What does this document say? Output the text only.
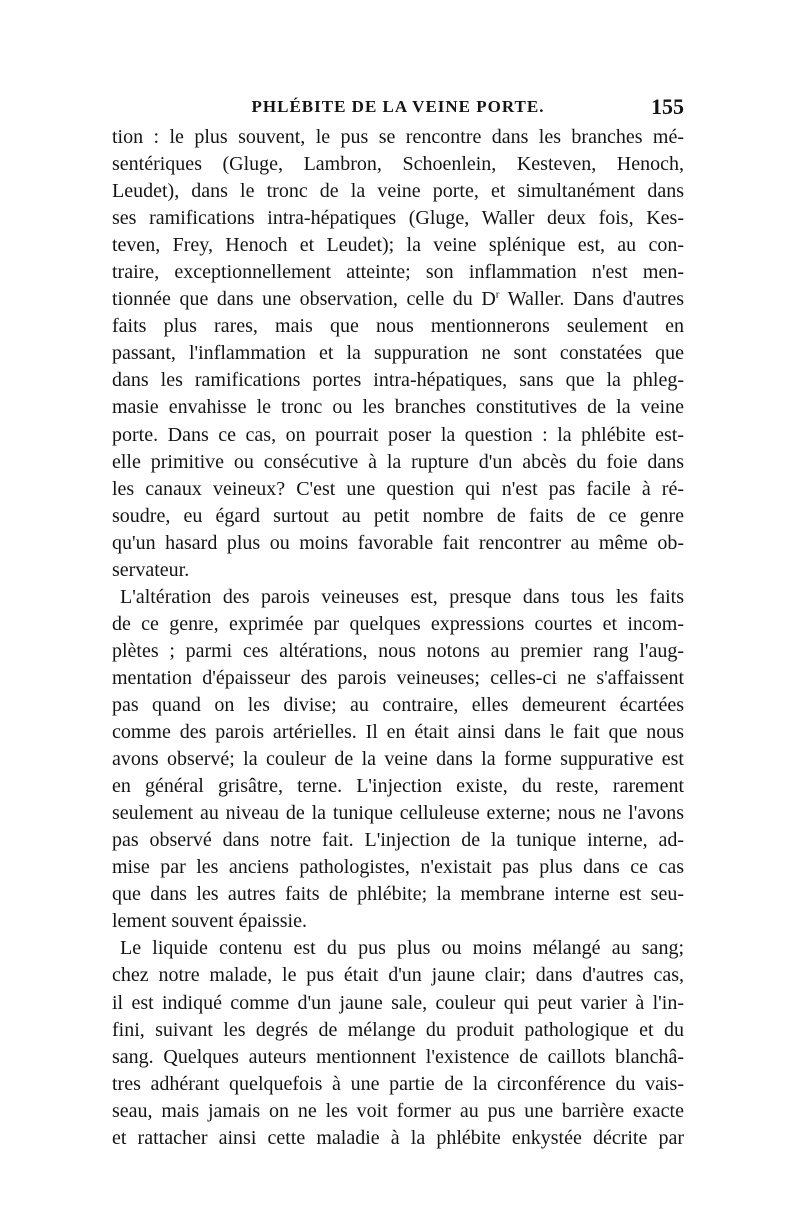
PHLÉBITE DE LA VEINE PORTE.	155
tion : le plus souvent, le pus se rencontre dans les branches mé-
sentériques (Gluge, Lambron, Schoenlein, Kesteven, Henoch,
Leudet), dans le tronc de la veine porte, et simultanément dans
ses ramifications intra-hépatiques (Gluge, Waller deux fois, Kes-
teven, Frey, Henoch et Leudet); la veine splénique est, au con-
traire, exceptionnellement atteinte; son inflammation n'est men-
tionnée que dans une observation, celle du $D^r$ Waller. Dans d'autres
faits plus rares, mais que nous mentionnerons seulement en
passant, l'inflammation et la suppuration ne sont constatées que
dans les ramifications portes intra-hépatiques, sans que la phleg-
masie envahisse le tronc ou les branches constitutives de la veine
porte. Dans ce cas, on pourrait poser la question : la phlébite est-
elle primitive ou consécutive à la rupture d'un abcès du foie dans
les canaux veineux? C'est une question qui n'est pas facile à ré-
soudre, eu égard surtout au petit nombre de faits de ce genre
qu'un hasard plus ou moins favorable fait rencontrer au même ob-
servateur.
L'altération des parois veineuses est, presque dans tous les faits
de ce genre, exprimée par quelques expressions courtes et incom-
plètes ; parmi ces altérations, nous notons au premier rang l'aug-
mentation d'épaisseur des parois veineuses; celles-ci ne s'affaissent
pas quand on les divise; au contraire, elles demeurent écartées
comme des parois artérielles. Il en était ainsi dans le fait que nous
avons observé; la couleur de la veine dans la forme suppurative est
en général grisâtre, terne. L'injection existe, du reste, rarement
seulement au niveau de la tunique celluleuse externe; nous ne l'avons
pas observé dans notre fait. L'injection de la tunique interne, ad-
mise par les anciens pathologistes, n'existait pas plus dans ce cas
que dans les autres faits de phlébite; la membrane interne est seu-
lement souvent épaissie.
Le liquide contenu est du pus plus ou moins mélangé au sang;
chez notre malade, le pus était d'un jaune clair; dans d'autres cas,
il est indiqué comme d'un jaune sale, couleur qui peut varier à l'in-
fini, suivant les degrés de mélange du produit pathologique et du
sang. Quelques auteurs mentionnent l'existence de caillots blanchâ-
tres adhérant quelquefois à une partie de la circonférence du vais-
seau, mais jamais on ne les voit former au pus une barrière exacte
et rattacher ainsi cette maladie à la phlébite enkystée décrite par
